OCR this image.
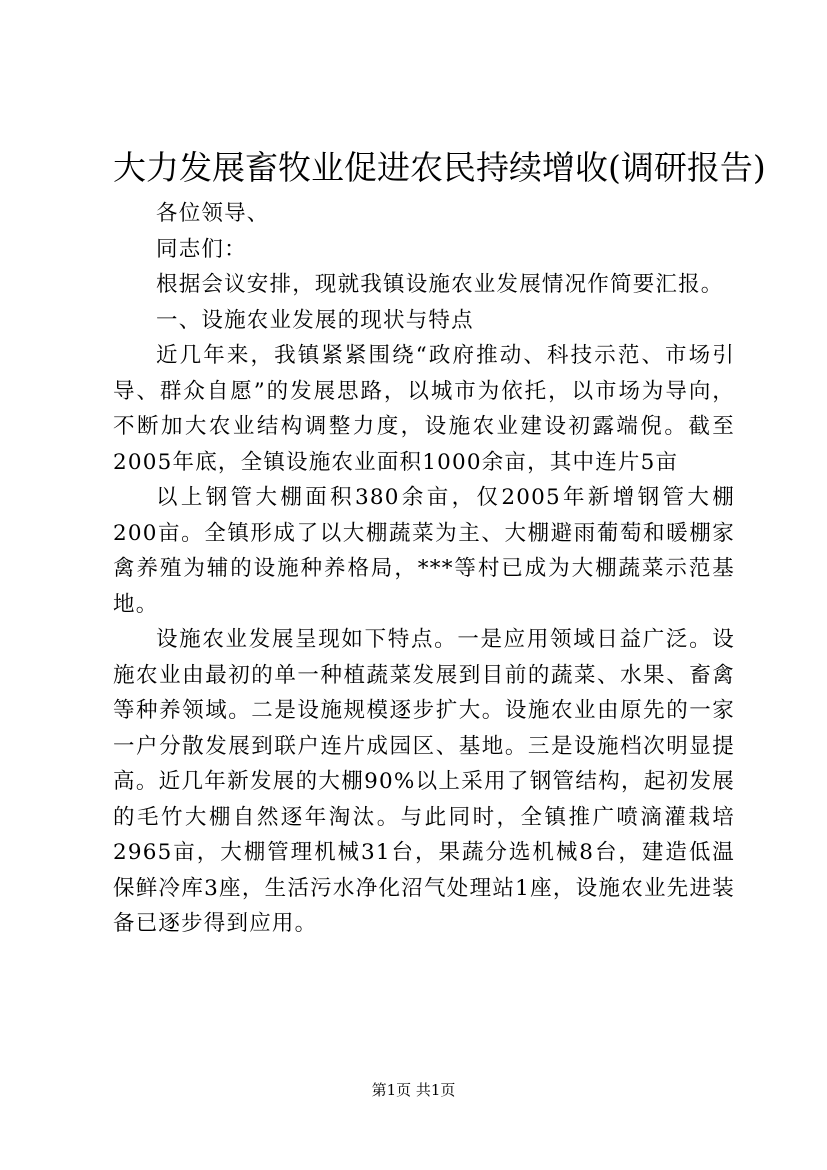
大力发展畜牧业促进农民持续增收(调研报告)

各位领导、

同志们：

根据会议安排，现就我镇设施农业发展情况作简要汇报。

一、设施农业发展的现状与特点

近几年来，我镇紧紧围绕“政府推动、科技示范、市场引导、群众自愿”的发展思路，以城市为依托，以市场为导向，不断加大农业结构调整力度，设施农业建设初露端倪。截至2005年底，全镇设施农业面积1000余亩，其中连片5亩

以上钢管大棚面积380余亩，仅2005年新增钢管大棚200亩。全镇形成了以大棚蔬菜为主、大棚避雨葡萄和暖棚家禽养殖为辅的设施种养格局，***等村已成为大棚蔬菜示范基地。

设施农业发展呈现如下特点。一是应用领域日益广泛。设施农业由最初的单一种植蔬菜发展到目前的蔬菜、水果、畜禽等种养领域。二是设施规模逐步扩大。设施农业由原先的一家一户分散发展到联户连片成园区、基地。三是设施档次明显提高。近几年新发展的大棚90%以上采用了钢管结构，起初发展的毛竹大棚自然逐年淘汰。与此同时，全镇推广喷滴灌栽培2965亩，大棚管理机械31台，果蔬分选机械8台，建造低温保鲜冷库3座，生活污水净化沼气处理站1座，设施农业先进装备已逐步得到应用。

第1页 共1页
